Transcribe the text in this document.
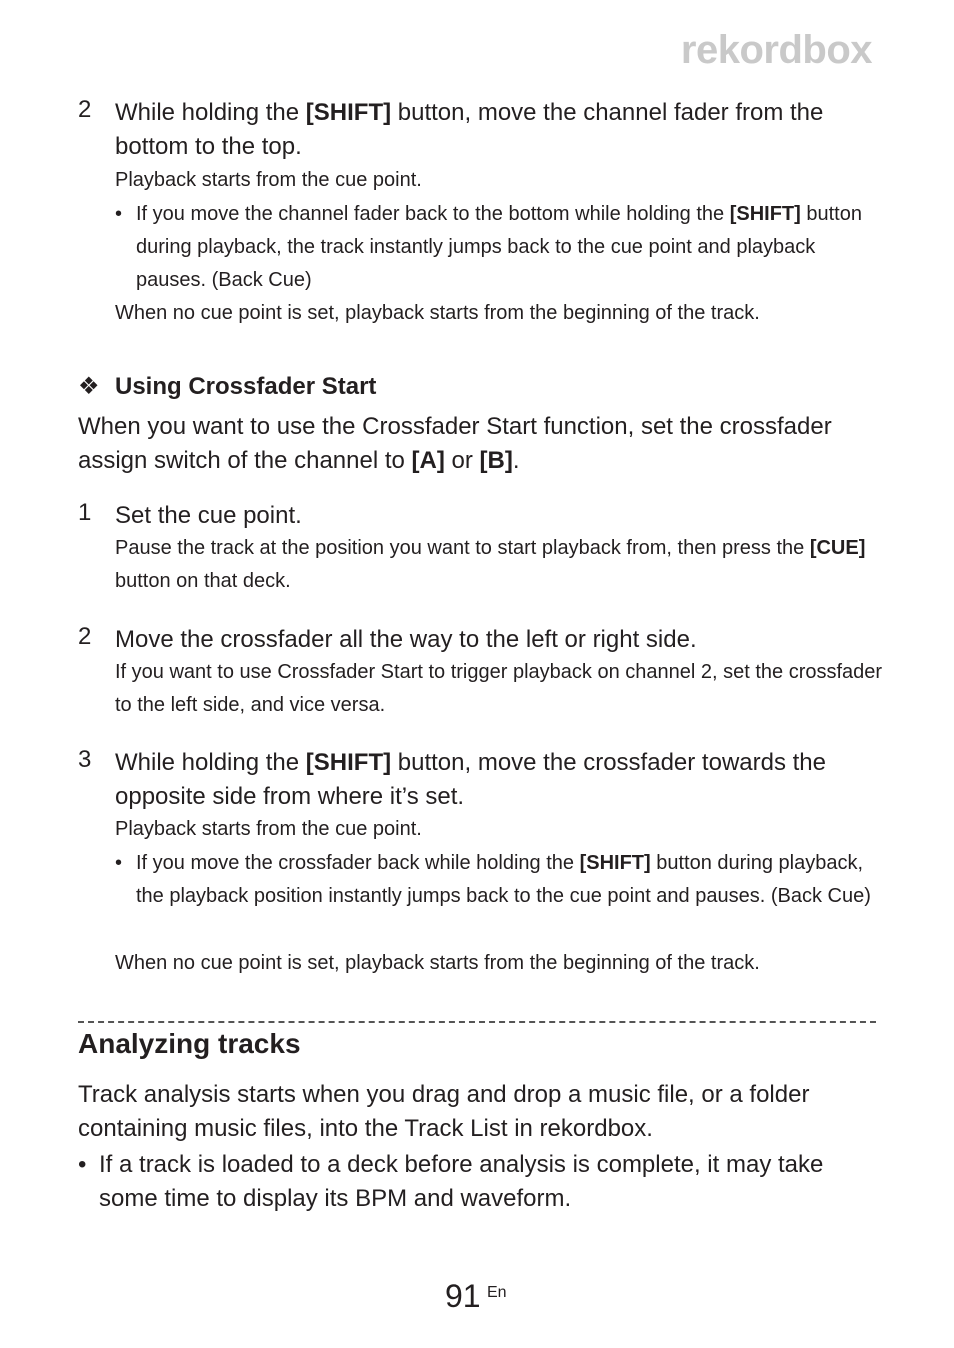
rekordbox
2 While holding the [SHIFT] button, move the channel fader from the bottom to the top.
Playback starts from the cue point.
• If you move the channel fader back to the bottom while holding the [SHIFT] button during playback, the track instantly jumps back to the cue point and playback pauses. (Back Cue)
When no cue point is set, playback starts from the beginning of the track.
❖ Using Crossfader Start
When you want to use the Crossfader Start function, set the crossfader assign switch of the channel to [A] or [B].
1 Set the cue point.
Pause the track at the position you want to start playback from, then press the [CUE] button on that deck.
2 Move the crossfader all the way to the left or right side.
If you want to use Crossfader Start to trigger playback on channel 2, set the crossfader to the left side, and vice versa.
3 While holding the [SHIFT] button, move the crossfader towards the opposite side from where it’s set.
Playback starts from the cue point.
• If you move the crossfader back while holding the [SHIFT] button during playback, the playback position instantly jumps back to the cue point and pauses. (Back Cue)
When no cue point is set, playback starts from the beginning of the track.
Analyzing tracks
Track analysis starts when you drag and drop a music file, or a folder containing music files, into the Track List in rekordbox.
• If a track is loaded to a deck before analysis is complete, it may take some time to display its BPM and waveform.
91 En
